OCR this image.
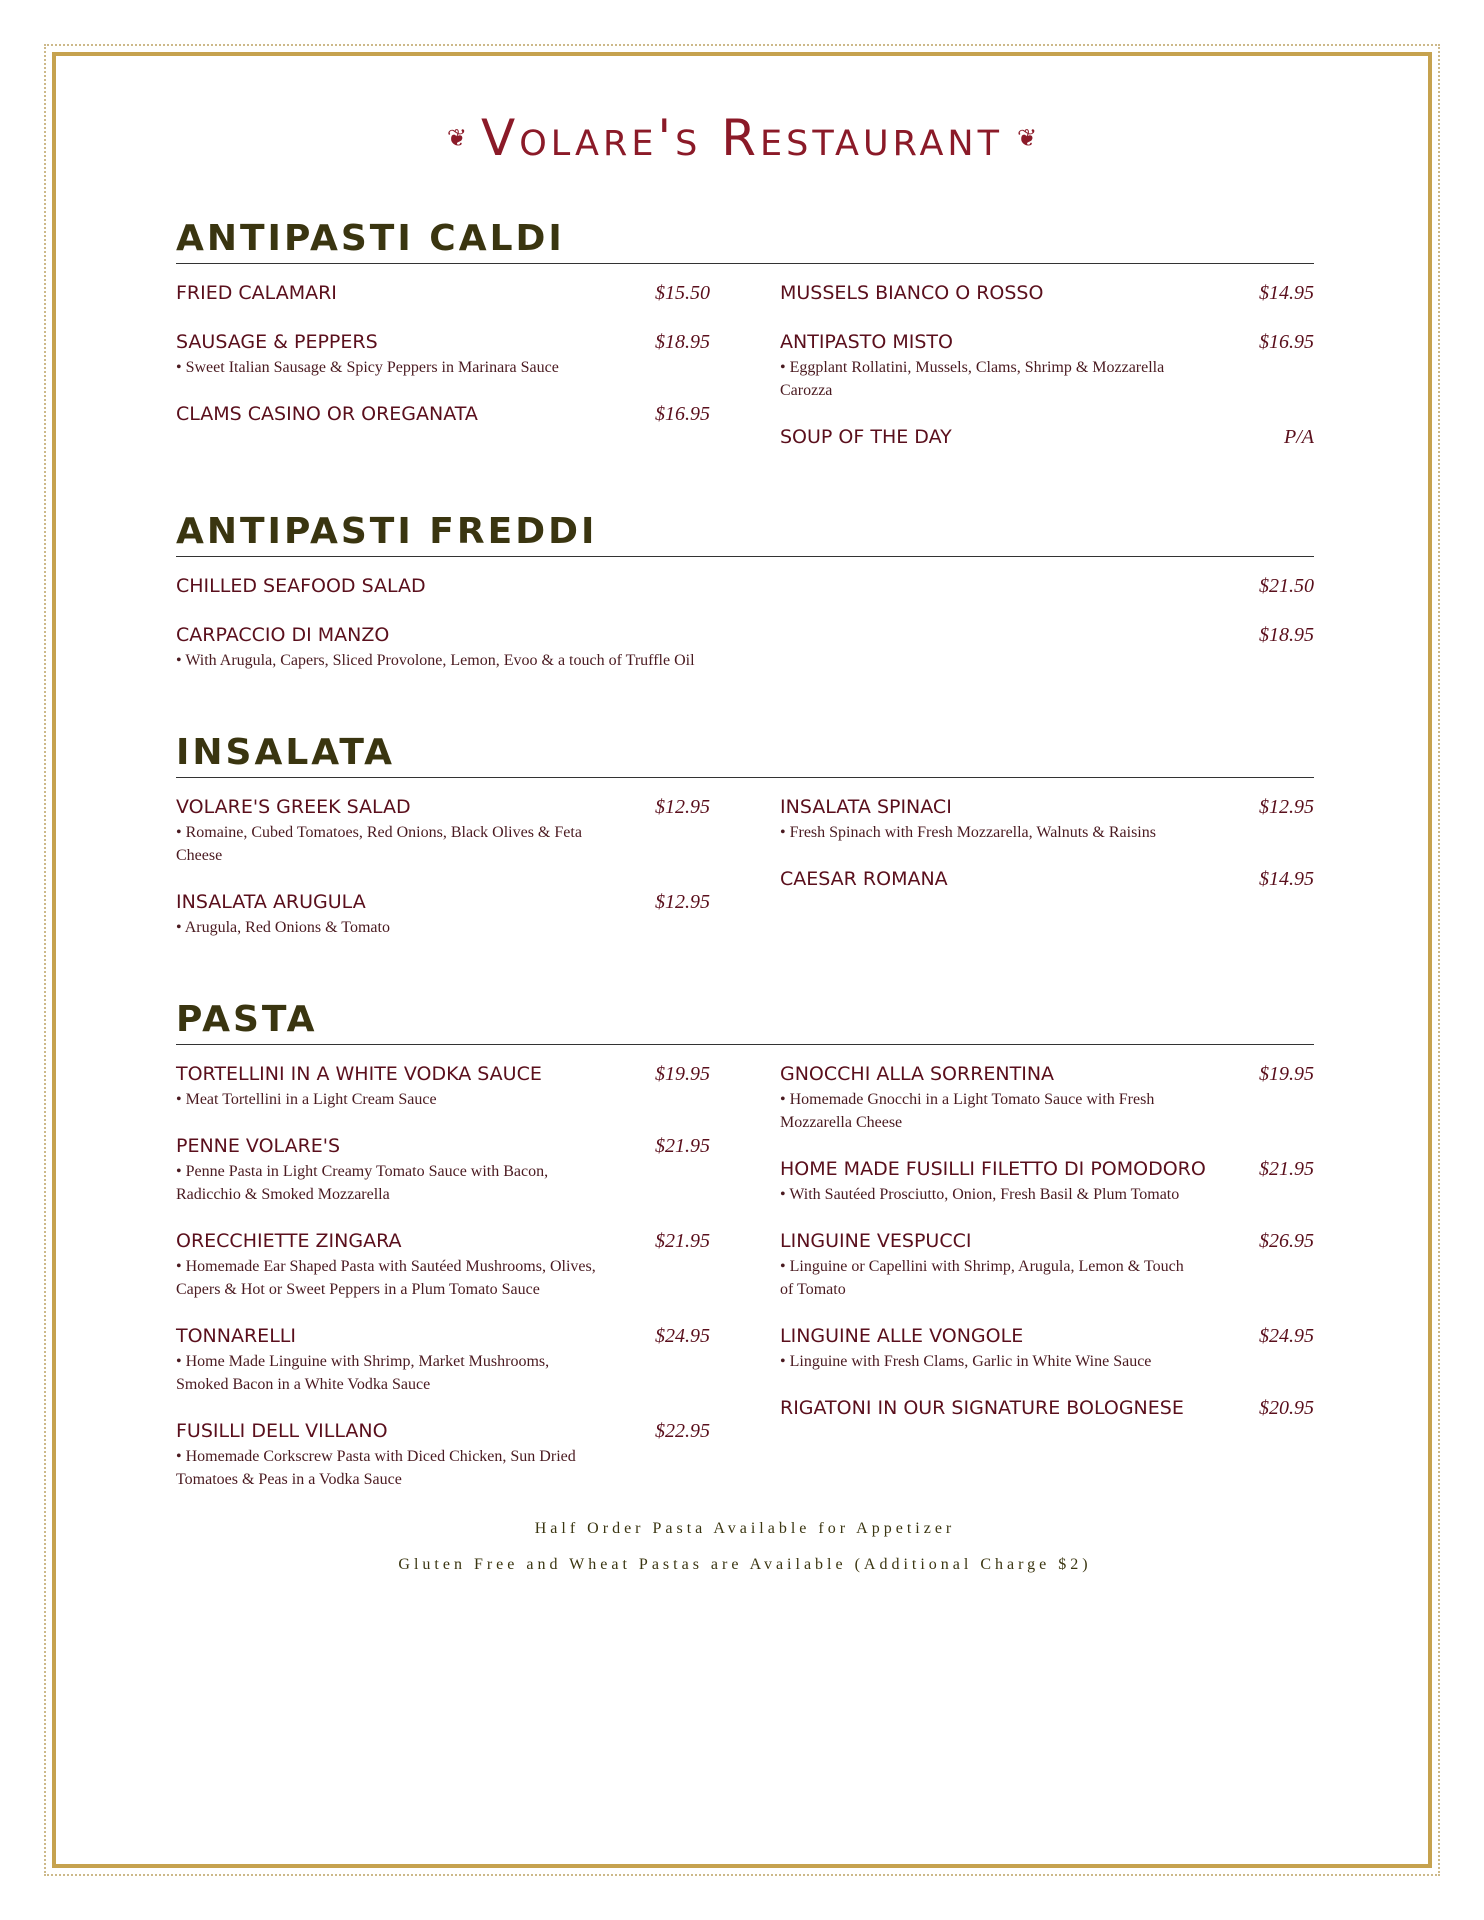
❦ Volare's Restaurant ❦
ANTIPASTI CALDI
FRIED CALAMARI	$15.50
SAUSAGE & PEPPERS	$18.95
• Sweet Italian Sausage & Spicy Peppers in Marinara Sauce
CLAMS CASINO OR OREGANATA	$16.95
MUSSELS BIANCO O ROSSO	$14.95
ANTIPASTO MISTO	$16.95
• Eggplant Rollatini, Mussels, Clams, Shrimp & Mozzarella Carozza
SOUP OF THE DAY	P/A
ANTIPASTI FREDDI
CHILLED SEAFOOD SALAD	$21.50
CARPACCIO DI MANZO	$18.95
• With Arugula, Capers, Sliced Provolone, Lemon, Evoo & a touch of Truffle Oil
INSALATA
VOLARE'S GREEK SALAD	$12.95
• Romaine, Cubed Tomatoes, Red Onions, Black Olives & Feta Cheese
INSALATA ARUGULA	$12.95
• Arugula, Red Onions & Tomato
INSALATA SPINACI	$12.95
• Fresh Spinach with Fresh Mozzarella, Walnuts & Raisins
CAESAR ROMANA	$14.95
PASTA
TORTELLINI IN A WHITE VODKA SAUCE	$19.95
• Meat Tortellini in a Light Cream Sauce
PENNE VOLARE'S	$21.95
• Penne Pasta in Light Creamy Tomato Sauce with Bacon, Radicchio & Smoked Mozzarella
ORECCHIETTE ZINGARA	$21.95
• Homemade Ear Shaped Pasta with Sautéed Mushrooms, Olives, Capers & Hot or Sweet Peppers in a Plum Tomato Sauce
TONNARELLI	$24.95
• Home Made Linguine with Shrimp, Market Mushrooms, Smoked Bacon in a White Vodka Sauce
FUSILLI DELL VILLANO	$22.95
• Homemade Corkscrew Pasta with Diced Chicken, Sun Dried Tomatoes & Peas in a Vodka Sauce
GNOCCHI ALLA SORRENTINA	$19.95
• Homemade Gnocchi in a Light Tomato Sauce with Fresh Mozzarella Cheese
HOME MADE FUSILLI FILETTO DI POMODORO	$21.95
• With Sautéed Prosciutto, Onion, Fresh Basil & Plum Tomato
LINGUINE VESPUCCI	$26.95
• Linguine or Capellini with Shrimp, Arugula, Lemon & Touch of Tomato
LINGUINE ALLE VONGOLE	$24.95
• Linguine with Fresh Clams, Garlic in White Wine Sauce
RIGATONI IN OUR SIGNATURE BOLOGNESE	$20.95
Half Order Pasta Available for Appetizer
Gluten Free and Wheat Pastas are Available (Additional Charge $2)
